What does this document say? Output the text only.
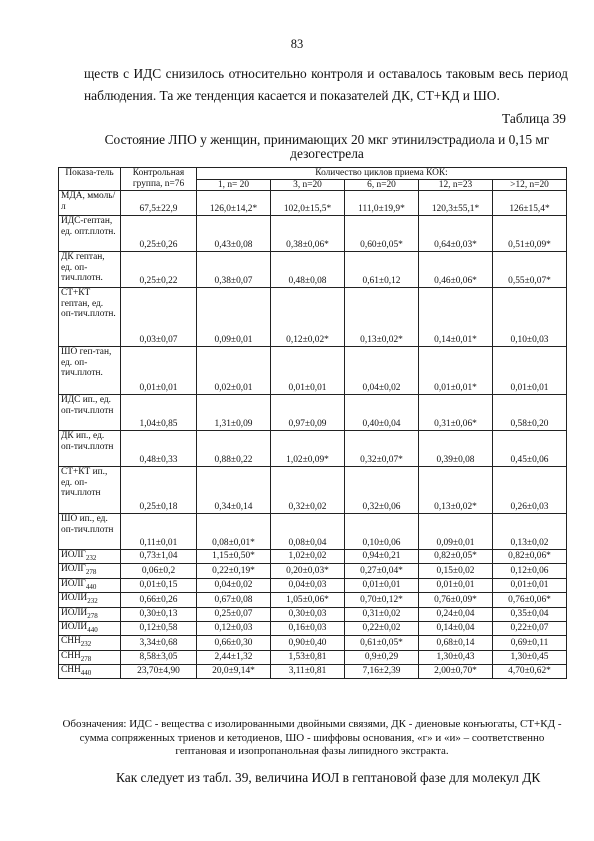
83
ществ с ИДС снизилось относительно контроля и оставалось таковым весь период наблюдения. Та же тенденция касается и показателей ДК, СТ+КД и ШО.
Таблица 39
Состояние ЛПО у женщин, принимающих 20 мкг этинилэстрадиола и 0,15 мг дезогестрела
Показа-тель	Контрольная группа, n=76	Количество циклов приема КОК:				
		1, n= 20	3, n=20	6, n=20	12, n=23	>12, n=20
МДА, ммоль/л	67,5±22,9	126,0±14,2*	102,0±15,5*	111,0±19,9*	120,3±55,1*	126±15,4*
ИДС-гептан, ед. опт.плотн.	0,25±0,26	0,43±0,08	0,38±0,06*	0,60±0,05*	0,64±0,03*	0,51±0,09*
ДК гептан, ед. оп-тич.плотн.	0,25±0,22	0,38±0,07	0,48±0,08	0,61±0,12	0,46±0,06*	0,55±0,07*
СТ+КТ гептан, ед. оп-тич.плотн.	0,03±0,07	0,09±0,01	0,12±0,02*	0,13±0,02*	0,14±0,01*	0,10±0,03
ШО геп-тан, ед. оп-тич.плотн.	0,01±0,01	0,02±0,01	0,01±0,01	0,04±0,02	0,01±0,01*	0,01±0,01
ИДС ип., ед. оп-тич.плотн	1,04±0,85	1,31±0,09	0,97±0,09	0,40±0,04	0,31±0,06*	0,58±0,20
ДК ип., ед. оп-тич.плотн	0,48±0,33	0,88±0,22	1,02±0,09*	0,32±0,07*	0,39±0,08	0,45±0,06
СТ+КТ ип., ед. оп-тич.плотн	0,25±0,18	0,34±0,14	0,32±0,02	0,32±0,06	0,13±0,02*	0,26±0,03
ШО ип., ед. оп-тич.плотн	0,11±0,01	0,08±0,01*	0,08±0,04	0,10±0,06	0,09±0,01	0,13±0,02
$ИОЛГ_{232}$	0,73±1,04	1,15±0,50*	1,02±0,02	0,94±0,21	0,82±0,05*	0,82±0,06*
$ИОЛГ_{278}$	0,06±0,2	0,22±0,19*	0,20±0,03*	0,27±0,04*	0,15±0,02	0,12±0,06
$ИОЛГ_{440}$	0,01±0,15	0,04±0,02	0,04±0,03	0,01±0,01	0,01±0,01	0,01±0,01
$ИОЛИ_{232}$	0,66±0,26	0,67±0,08	1,05±0,06*	0,70±0,12*	0,76±0,09*	0,76±0,06*
$ИОЛИ_{278}$	0,30±0,13	0,25±0,07	0,30±0,03	0,31±0,02	0,24±0,04	0,35±0,04
$ИОЛИ_{440}$	0,12±0,58	0,12±0,03	0,16±0,03	0,22±0,02	0,14±0,04	0,22±0,07
$СНН_{232}$	3,34±0,68	0,66±0,30	0,90±0,40	0,61±0,05*	0,68±0,14	0,69±0,11
$СНН_{278}$	8,58±3,05	2,44±1,32	1,53±0,81	0,9±0,29	1,30±0,43	1,30±0,45
$СНН_{440}$	23,70±4,90	20,0±9,14*	3,11±0,81	7,16±2,39	2,00±0,70*	4,70±0,62*
Обозначения: ИДС - вещества с изолированными двойными связями, ДК - диеновые конъюгаты, СТ+КД - сумма сопряженных триенов и кетодиенов, ШО - шиффовы основания, «г» и «и» – соответственно гептановая и изопропанольная фазы липидного экстракта.
Как следует из табл. 39, величина ИОЛ в гептановой фазе для молекул ДК
